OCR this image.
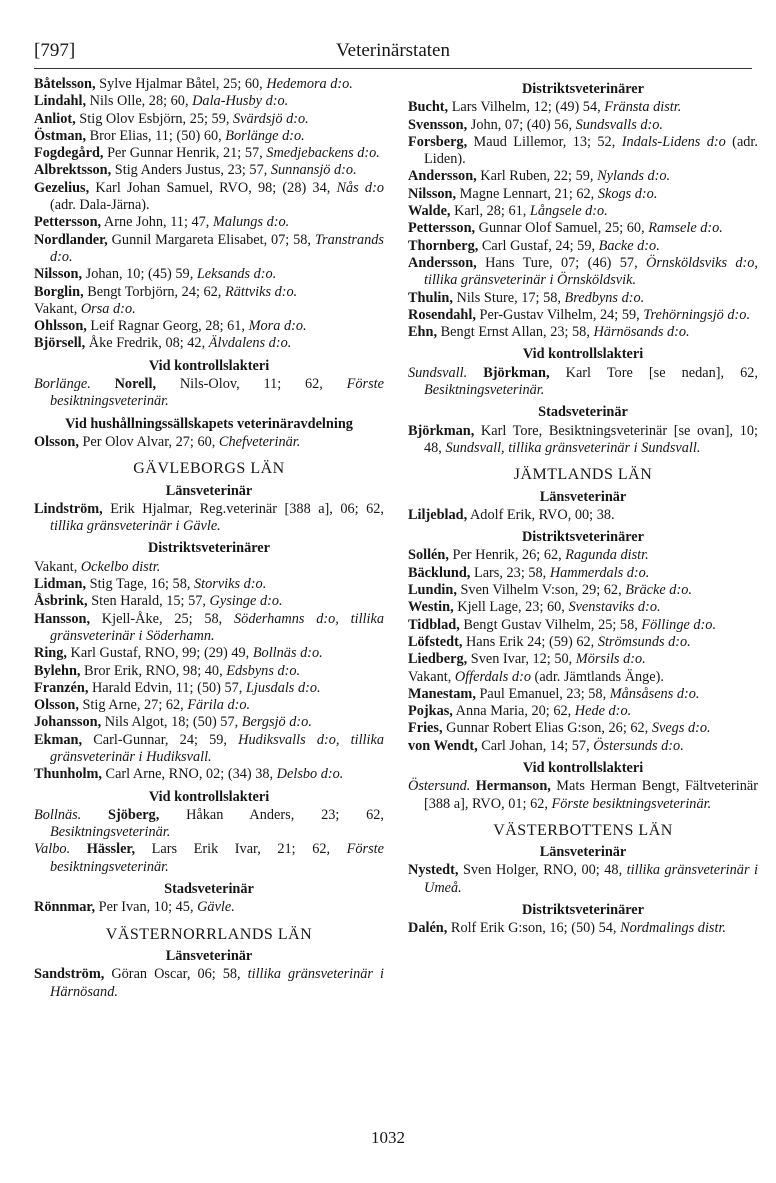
[797]	Veterinärstaten

Båtelsson, Sylve Hjalmar Båtel, 25; 60, Hedemora d:o.

Lindahl, Nils Olle, 28; 60, Dala-Husby d:o.

Anliot, Stig Olov Esbjörn, 25; 59, Svärdsjö d:o.

Östman, Bror Elias, 11; (50) 60, Borlänge d:o.

Fogdegård, Per Gunnar Henrik, 21; 57, Smedjebackens d:o.

Albrektsson, Stig Anders Justus, 23; 57, Sunnansjö d:o.

Gezelius, Karl Johan Samuel, RVO, 98; (28) 34, Nås d:o (adr. Dala-Järna).

Pettersson, Arne John, 11; 47, Malungs d:o.

Nordlander, Gunnil Margareta Elisabet, 07; 58, Transtrands d:o.

Nilsson, Johan, 10; (45) 59, Leksands d:o.

Borglin, Bengt Torbjörn, 24; 62, Rättviks d:o.

Vakant, Orsa d:o.

Ohlsson, Leif Ragnar Georg, 28; 61, Mora d:o.

Björsell, Åke Fredrik, 08; 42, Älvdalens d:o.

Vid kontrollslakteri

Borlänge. Norell, Nils-Olov, 11; 62, Förste besiktningsveterinär.

Vid hushållningssällskapets veterinäravdelning

Olsson, Per Olov Alvar, 27; 60, Chefveterinär.

GÄVLEBORGS LÄN
Länsveterinär

Lindström, Erik Hjalmar, Reg.veterinär [388 a], 06; 62, tillika gränsveterinär i Gävle.

Distriktsveterinärer

Vakant, Ockelbo distr.

Lidman, Stig Tage, 16; 58, Storviks d:o.

Åsbrink, Sten Harald, 15; 57, Gysinge d:o.

Hansson, Kjell-Åke, 25; 58, Söderhamns d:o, tillika gränsveterinär i Söderhamn.

Ring, Karl Gustaf, RNO, 99; (29) 49, Bollnäs d:o.

Bylehn, Bror Erik, RNO, 98; 40, Edsbyns d:o.

Franzén, Harald Edvin, 11; (50) 57, Ljusdals d:o.

Olsson, Stig Arne, 27; 62, Färila d:o.

Johansson, Nils Algot, 18; (50) 57, Bergsjö d:o.

Ekman, Carl-Gunnar, 24; 59, Hudiksvalls d:o, tillika gränsveterinär i Hudiksvall.

Thunholm, Carl Arne, RNO, 02; (34) 38, Delsbo d:o.

Vid kontrollslakteri

Bollnäs. Sjöberg, Håkan Anders, 23; 62, Besiktningsveterinär.

Valbo. Hässler, Lars Erik Ivar, 21; 62, Förste besiktningsveterinär.

Stadsveterinär

Rönnmar, Per Ivan, 10; 45, Gävle.

VÄSTERNORRLANDS LÄN
Länsveterinär

Sandström, Göran Oscar, 06; 58, tillika gränsveterinär i Härnösand.

Distriktsveterinärer

Bucht, Lars Vilhelm, 12; (49) 54, Fränsta distr.

Svensson, John, 07; (40) 56, Sundsvalls d:o.

Forsberg, Maud Lillemor, 13; 52, Indals-Lidens d:o (adr. Liden).

Andersson, Karl Ruben, 22; 59, Nylands d:o.

Nilsson, Magne Lennart, 21; 62, Skogs d:o.

Walde, Karl, 28; 61, Långsele d:o.

Pettersson, Gunnar Olof Samuel, 25; 60, Ramsele d:o.

Thornberg, Carl Gustaf, 24; 59, Backe d:o.

Andersson, Hans Ture, 07; (46) 57, Örnsköldsviks d:o, tillika gränsveterinär i Örnsköldsvik.

Thulin, Nils Sture, 17; 58, Bredbyns d:o.

Rosendahl, Per-Gustav Vilhelm, 24; 59, Trehörningsjö d:o.

Ehn, Bengt Ernst Allan, 23; 58, Härnösands d:o.

Vid kontrollslakteri

Sundsvall. Björkman, Karl Tore [se nedan], 62, Besiktningsveterinär.

Stadsveterinär

Björkman, Karl Tore, Besiktningsveterinär [se ovan], 10; 48, Sundsvall, tillika gränsveterinär i Sundsvall.

JÄMTLANDS LÄN
Länsveterinär

Liljeblad, Adolf Erik, RVO, 00; 38.

Distriktsveterinärer

Sollén, Per Henrik, 26; 62, Ragunda distr.

Bäcklund, Lars, 23; 58, Hammerdals d:o.

Lundin, Sven Vilhelm V:son, 29; 62, Bräcke d:o.

Westin, Kjell Lage, 23; 60, Svenstaviks d:o.

Tidblad, Bengt Gustav Vilhelm, 25; 58, Föllinge d:o.

Löfstedt, Hans Erik 24; (59) 62, Strömsunds d:o.

Liedberg, Sven Ivar, 12; 50, Mörsils d:o.

Vakant, Offerdals d:o (adr. Jämtlands Änge).

Manestam, Paul Emanuel, 23; 58, Månsåsens d:o.

Pojkas, Anna Maria, 20; 62, Hede d:o.

Fries, Gunnar Robert Elias G:son, 26; 62, Svegs d:o.

von Wendt, Carl Johan, 14; 57, Östersunds d:o.

Vid kontrollslakteri

Östersund. Hermanson, Mats Herman Bengt, Fältveterinär [388 a], RVO, 01; 62, Förste besiktningsveterinär.

VÄSTERBOTTENS LÄN
Länsveterinär

Nystedt, Sven Holger, RNO, 00; 48, tillika gränsveterinär i Umeå.

Distriktsveterinärer

Dalén, Rolf Erik G:son, 16; (50) 54, Nordmalings distr.

1032
